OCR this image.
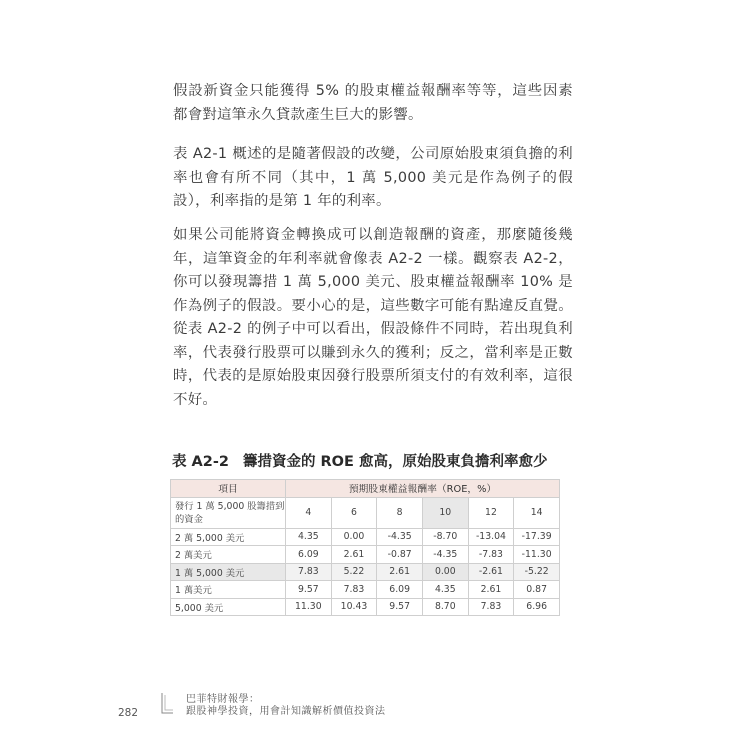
假設新資金只能獲得 5% 的股東權益報酬率等等，這些因素都會對這筆永久貸款產生巨大的影響。

表 A2-1 概述的是隨著假設的改變，公司原始股東須負擔的利率也會有所不同（其中，1 萬 5,000 美元是作為例子的假設），利率指的是第 1 年的利率。

如果公司能將資金轉換成可以創造報酬的資產，那麼隨後幾年，這筆資金的年利率就會像表 A2-2 一樣。觀察表 A2-2，你可以發現籌措 1 萬 5,000 美元、股東權益報酬率 10% 是作為例子的假設。要小心的是，這些數字可能有點違反直覺。從表 A2-2 的例子中可以看出，假設條件不同時，若出現負利率，代表發行股票可以賺到永久的獲利；反之，當利率是正數時，代表的是原始股東因發行股票所須支付的有效利率，這很不好。

表 A2-2 籌措資金的 ROE 愈高，原始股東負擔利率愈少
項目	預期股東權益報酬率（ROE，%）					
發行 1 萬 5,000 股籌措到的資金	4	6	8	10	12	14
2 萬 5,000 美元	4.35	0.00	-4.35	-8.70	-13.04	-17.39
2 萬美元	6.09	2.61	-0.87	-4.35	-7.83	-11.30
1 萬 5,000 美元	7.83	5.22	2.61	0.00	-2.61	-5.22
1 萬美元	9.57	7.83	6.09	4.35	2.61	0.87
5,000 美元	11.30	10.43	9.57	8.70	7.83	6.96
282
巴菲特財報學：
跟股神學投資，用會計知識解析價值投資法
